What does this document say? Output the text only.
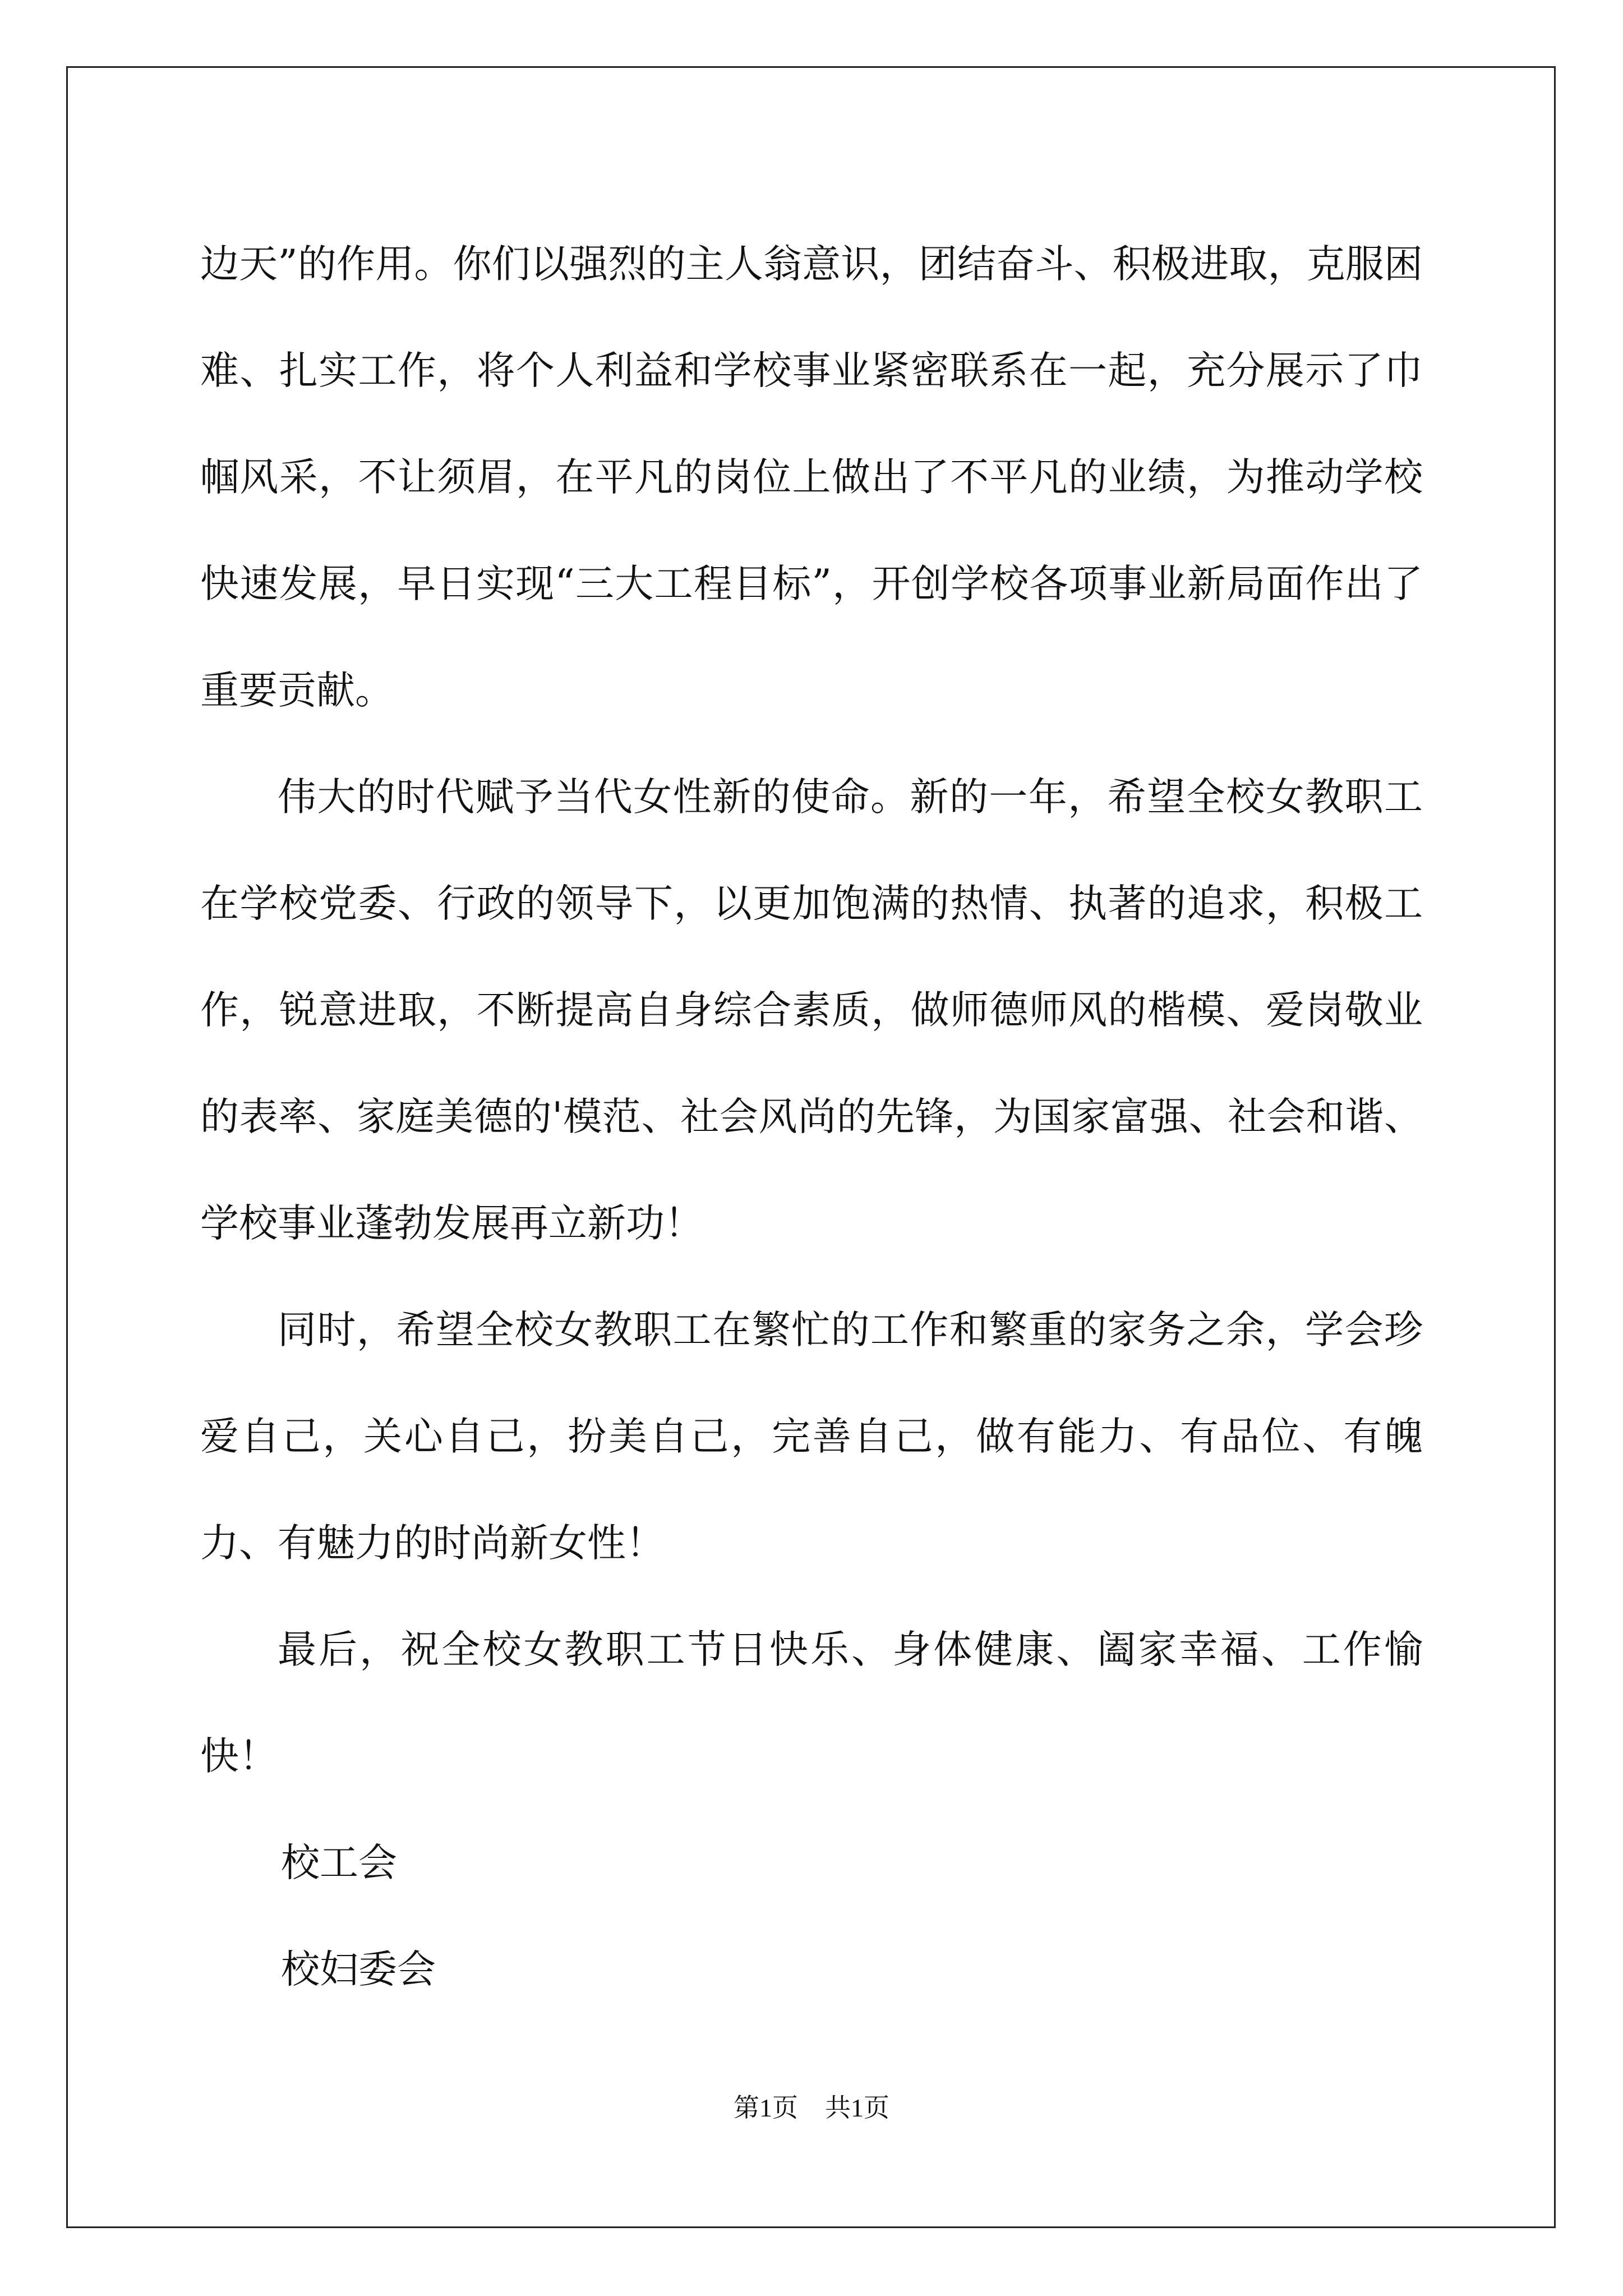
边天”的作用。你们以强烈的主人翁意识，团结奋斗、积极进取，克服困难、扎实工作，将个人利益和学校事业紧密联系在一起，充分展示了巾帼风采，不让须眉，在平凡的岗位上做出了不平凡的业绩，为推动学校快速发展，早日实现“三大工程目标”，开创学校各项事业新局面作出了重要贡献。

伟大的时代赋予当代女性新的使命。新的一年，希望全校女教职工在学校党委、行政的领导下，以更加饱满的热情、执著的追求，积极工作，锐意进取，不断提高自身综合素质，做师德师风的楷模、爱岗敬业的表率、家庭美德的'模范、社会风尚的先锋，为国家富强、社会和谐、学校事业蓬勃发展再立新功！

同时，希望全校女教职工在繁忙的工作和繁重的家务之余，学会珍爱自己，关心自己，扮美自己，完善自己，做有能力、有品位、有魄力、有魅力的时尚新女性！

最后，祝全校女教职工节日快乐、身体健康、阖家幸福、工作愉快！

校工会

校妇委会

第1页 共1页
